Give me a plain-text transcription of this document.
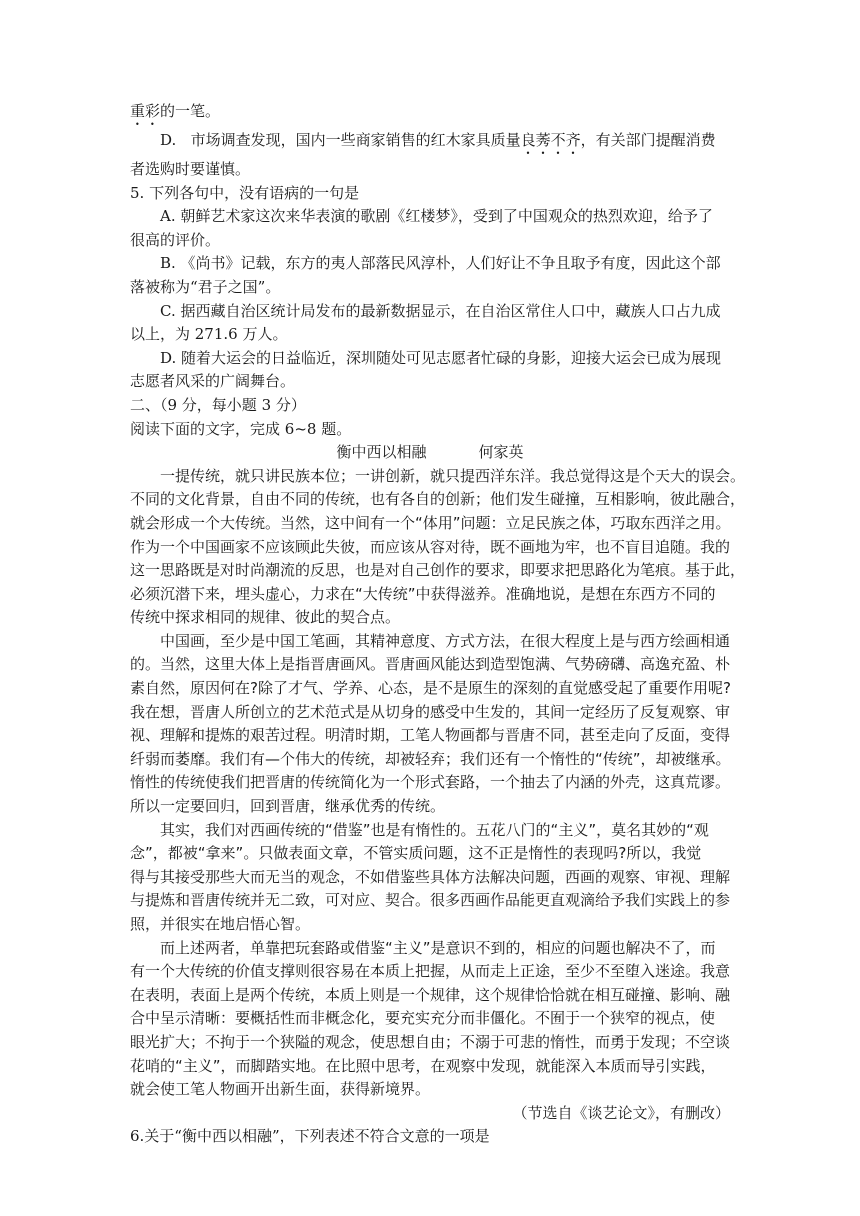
重彩的一笔。
D. 市场调查发现，国内一些商家销售的红木家具质量良莠不齐，有关部门提醒消费
者选购时要谨慎。
5. 下列各句中，没有语病的一句是
A. 朝鲜艺术家这次来华表演的歌剧《红楼梦》，受到了中国观众的热烈欢迎，给予了
很高的评价。
B. 《尚书》记载，东方的夷人部落民风淳朴，人们好让不争且取予有度，因此这个部
落被称为“君子之国”。
C. 据西藏自治区统计局发布的最新数据显示，在自治区常住人口中，藏族人口占九成
以上，为 271.6 万人。
D. 随着大运会的日益临近，深圳随处可见志愿者忙碌的身影，迎接大运会已成为展现
志愿者风采的广阔舞台。
二、（9 分，每小题 3 分）
阅读下面的文字，完成 6~8 题。
衡中西以相融	何家英
一提传统，就只讲民族本位；一讲创新，就只提西洋东洋。我总觉得这是个天大的误会。
不同的文化背景，自由不同的传统，也有各自的创新；他们发生碰撞，互相影响，彼此融合，
就会形成一个大传统。当然，这中间有一个“体用”问题：立足民族之体，巧取东西洋之用。
作为一个中国画家不应该顾此失彼，而应该从容对待，既不画地为牢，也不盲目追随。我的
这一思路既是对时尚潮流的反思，也是对自己创作的要求，即要求把思路化为笔痕。基于此，
必须沉潜下来，埋头虚心，力求在“大传统”中获得滋养。准确地说，是想在东西方不同的
传统中探求相同的规律、彼此的契合点。
中国画，至少是中国工笔画，其精神意度、方式方法，在很大程度上是与西方绘画相通
的。当然，这里大体上是指晋唐画风。晋唐画风能达到造型饱满、气势磅礴、高逸充盈、朴
素自然，原因何在?除了才气、学养、心态，是不是原生的深刻的直觉感受起了重要作用呢?
我在想，晋唐人所创立的艺术范式是从切身的感受中生发的，其间一定经历了反复观察、审
视、理解和提炼的艰苦过程。明清时期，工笔人物画都与晋唐不同，甚至走向了反面，变得
纤弱而萎靡。我们有—个伟大的传统，却被轻弃；我们还有一个惰性的“传统”，却被继承。
惰性的传统使我们把晋唐的传统简化为一个形式套路，一个抽去了内涵的外壳，这真荒谬。
所以一定要回归，回到晋唐，继承优秀的传统。
其实，我们对西画传统的“借鉴”也是有惰性的。五花八门的“主义”，莫名其妙的“观
念”，都被“拿来”。只做表面文章，不管实质问题，这不正是惰性的表现吗?所以，我觉
得与其接受那些大而无当的观念，不如借鉴些具体方法解决问题，西画的观察、审视、理解
与提炼和晋唐传统并无二致，可对应、契合。很多西画作品能更直观滴给予我们实践上的参
照，并很实在地启悟心智。
而上述两者，单靠把玩套路或借鉴“主义”是意识不到的，相应的问题也解决不了，而
有一个大传统的价值支撑则很容易在本质上把握，从而走上正途，至少不至堕入迷途。我意
在表明，表面上是两个传统，本质上则是一个规律，这个规律恰恰就在相互碰撞、影响、融
合中呈示清晰：要概括性而非概念化，要充实充分而非僵化。不囿于一个狭窄的视点，使
眼光扩大；不拘于一个狭隘的观念，使思想自由；不溺于可悲的惰性，而勇于发现；不空谈
花哨的“主义”，而脚踏实地。在比照中思考，在观察中发现，就能深入本质而导引实践，
就会使工笔人物画开出新生面，获得新境界。
（节选自《谈艺论文》，有删改）
6.关于“衡中西以相融”，下列表述不符合文意的一项是
